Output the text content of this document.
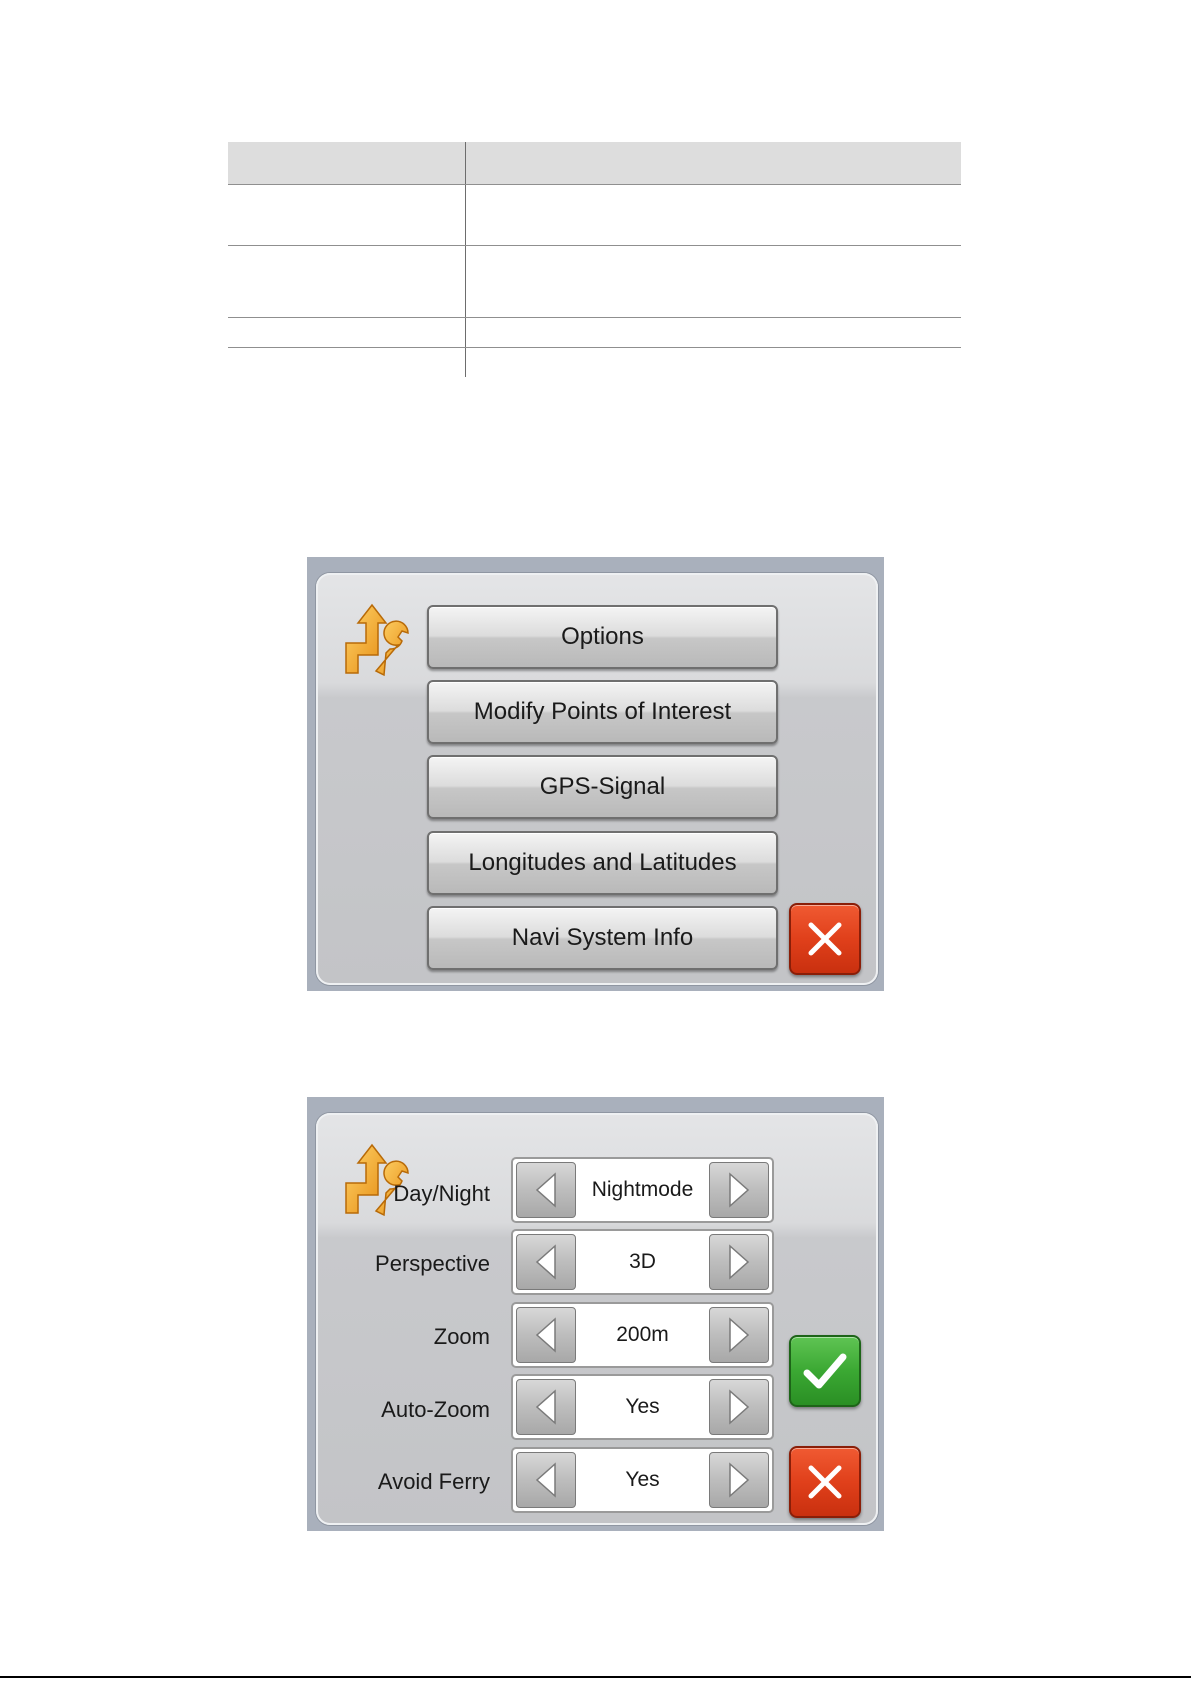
Options
Modify Points of Interest
GPS-Signal
Longitudes and Latitudes
Navi System Info
Day/Night	Nightmode
Perspective	3D
Zoom	200m
Auto-Zoom	Yes
Avoid Ferry	Yes
